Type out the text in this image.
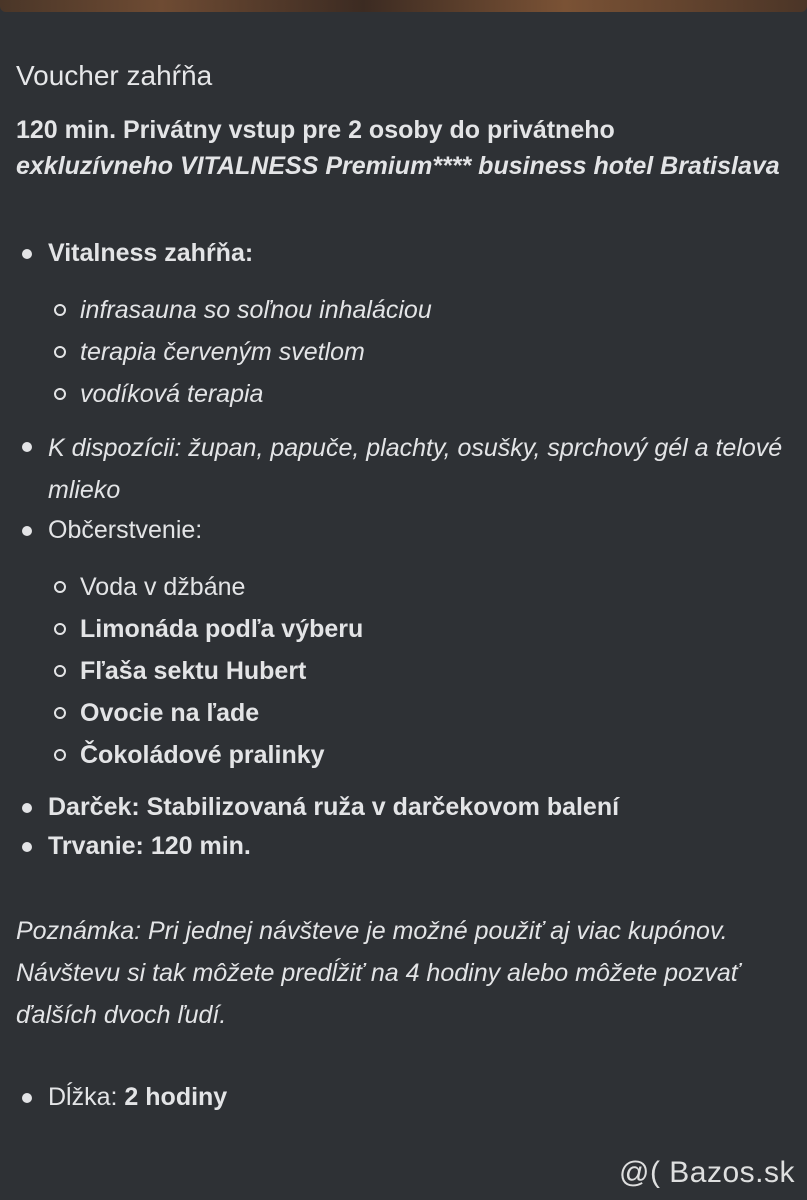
Voucher zahŕňa

120 min. Privátny vstup pre 2 osoby do privátneho
exkluzívneho VITALNESS Premium**** business hotel Bratislava

Vitalness zahŕňa:
infrasauna so soľnou inhaláciou
terapia červeným svetlom
vodíková terapia
K dispozícii: župan, papuče, plachty, osušky, sprchový gél a telové mlieko
Občerstvenie:
Voda v džbáne
Limonáda podľa výberu
Fľaša sektu Hubert
Ovocie na ľade
Čokoládové pralinky
Darček: Stabilizovaná ruža v darčekovom balení
Trvanie: 120 min.

Poznámka: Pri jednej návšteve je možné použiť aj viac kupónov. Návštevu si tak môžete predĺžiť na 4 hodiny alebo môžete pozvať ďalších dvoch ľudí.

Dĺžka: 2 hodiny
@( Bazos.sk
